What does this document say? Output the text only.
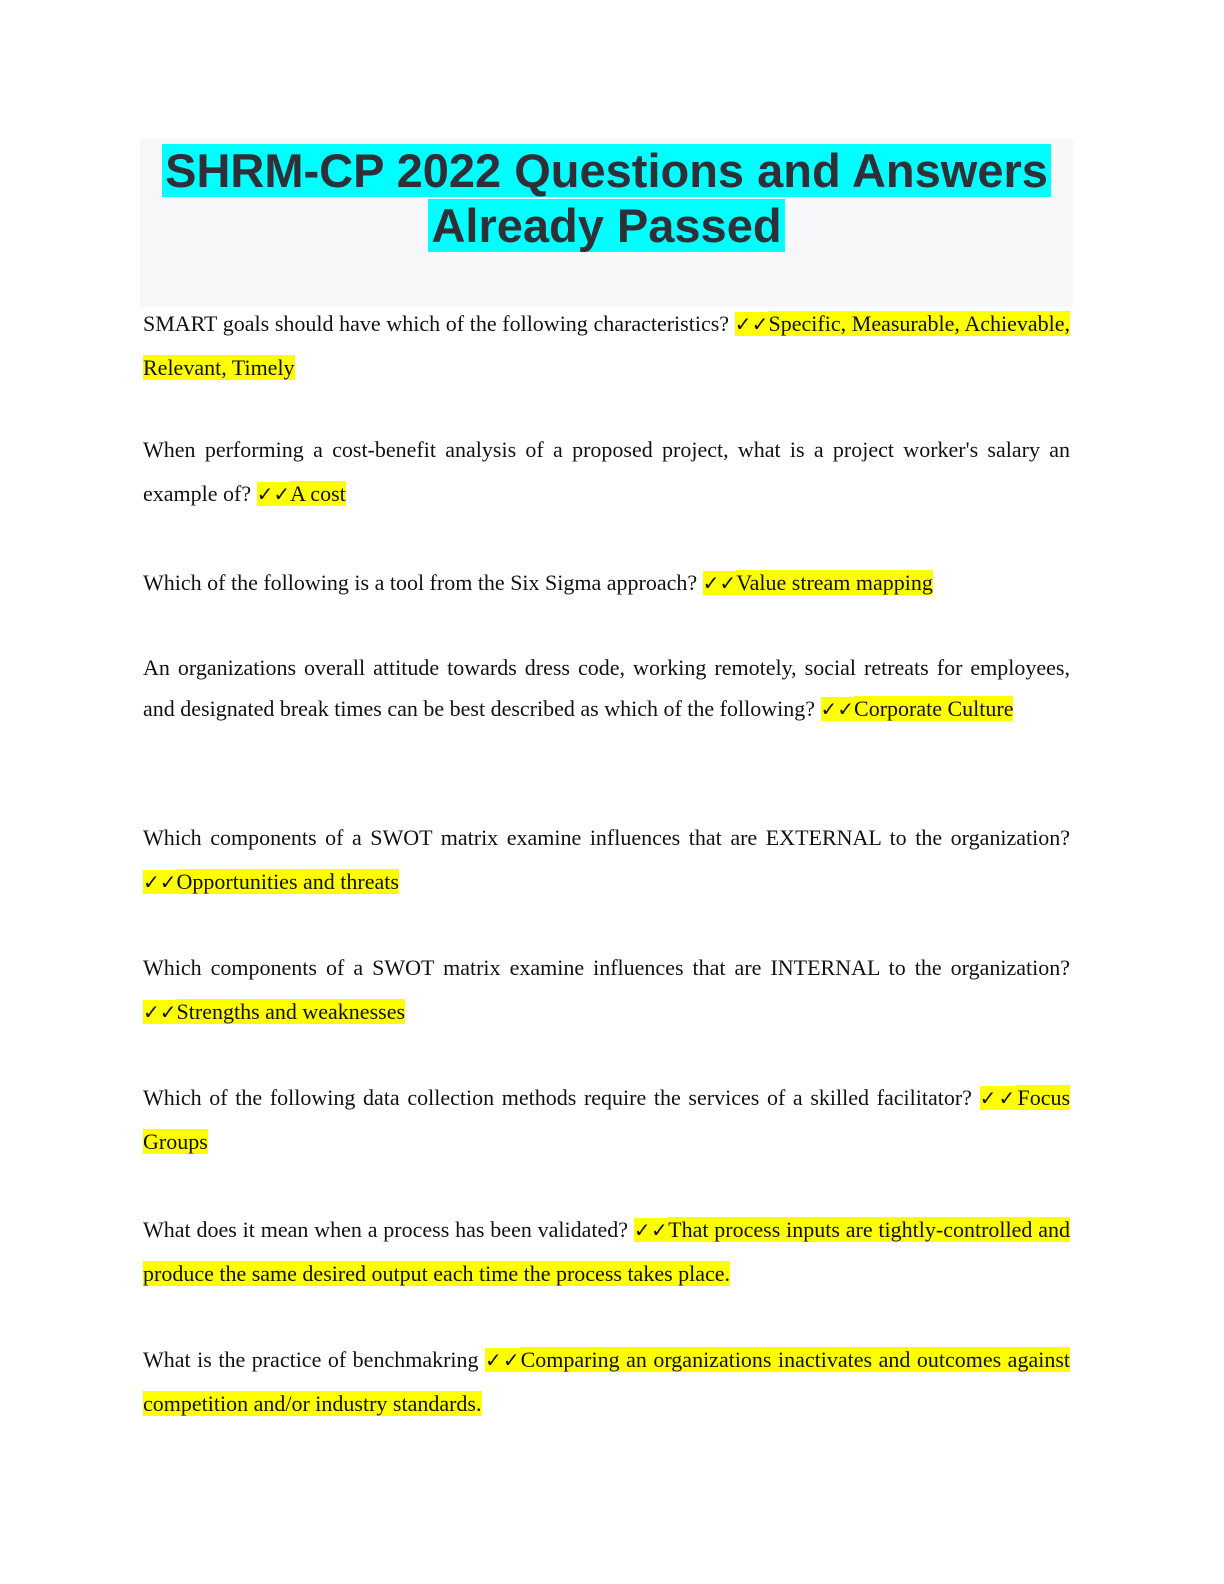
SHRM-CP 2022 Questions and Answers
Already Passed

SMART goals should have which of the following characteristics? ✓✓Specific, Measurable, Achievable, Relevant, Timely

When performing a cost-benefit analysis of a proposed project, what is a project worker's salary an example of? ✓✓A cost

Which of the following is a tool from the Six Sigma approach? ✓✓Value stream mapping

An organizations overall attitude towards dress code, working remotely, social retreats for employees, and designated break times can be best described as which of the following? ✓✓Corporate Culture

Which components of a SWOT matrix examine influences that are EXTERNAL to the organization? ✓✓Opportunities and threats

Which components of a SWOT matrix examine influences that are INTERNAL to the organization? ✓✓Strengths and weaknesses

Which of the following data collection methods require the services of a skilled facilitator? ✓✓Focus Groups

What does it mean when a process has been validated? ✓✓That process inputs are tightly-controlled and produce the same desired output each time the process takes place.

What is the practice of benchmakring ✓✓Comparing an organizations inactivates and outcomes against competition and/or industry standards.
